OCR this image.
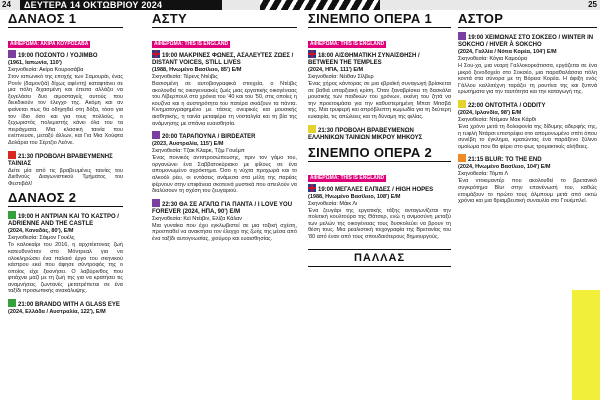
24	ΔΕΥΤΕΡΑ 14 ΟΚΤΩΒΡΙΟΥ 2024	25
ΔΑΝΑΟΣ 1
ΑΦΙΕΡΩΜΑ: ΑΚΙΡΑ ΚΟΥΡΟΣΑΒΑ
19:00 ΠΟΣΟΝΤΟ / YOJIMBO
(1961, Ιαπωνία, 110')
Σκηνοθεσία: Ακίρα Κουροσάβα
Στον ιαπωνικό της εποχής των Σαμουράι, ένας Ρονίν (δαμονζιά) δίχως αφέντη) καταφτάνει σε μια πόλη διχασμένη και έπειτα αλλάζει να ξεγελάσει δυο αιμοσταγείς αυτούς που διεκδικούν τον έλεγχο της. Ακόμη και αν φαίνεται πως θα οδηγηθεί στη δόξα, τόσο για τον ίδιο όσο και για τους πολλούς, ο ξεχωριστός πολεμιστής κάνει όλα του τα πειράγματα. Μια κλασική ταινία που ενέπνευσε, μεταξύ άλλων, και Για Μια Χούφτα Δολάρια του Σέρτζιο Λεόνε.
21:30 ΠΡΟΒΟΛΗ ΒΡΑΒΕΥΜΕΝΗΣ ΤΑΙΝΙΑΣ
Δείτε μία από τις βραβευμένες ταινίες του Διεθνούς Διαγωνιστικού Τμήματος του Φεστιβάλ!
ΔΑΝΑΟΣ 2
19:00 Η ΑΝΤΡΙΑΝ ΚΑΙ ΤΟ ΚΑΣΤΡΟ / ADRIENNE AND THE CASTLE
(2024, Καναδάς, 80'), Ε/Μ
Σκηνοθεσία: Σάιμον Γουέλς
Το καλοκαίρι του 2016, η αρχιτέκτονας ζωή κατευθυνόταν στο Μόντρεαλ για να ολοκληρώσει ένα παλαιό έργο του σκηνικού κάστρου εκεί που άφησε σύντροφός της ο οποίος είχε ξεκινήσει. Ο λαβύρινθος που φτιάχνει μαζί με τη ζωή της για να κρατήσει τις αναμνήσεις ζωντανές μετατρέπεται σε ένα ταξίδι προσωπικής ανακάλυψης.
21:00 BRANDO WITH A GLASS EYE
(2024, Ελλάδα / Αυστραλία, 122'), Ε/Μ
ΑΣΤΥ
ΑΦΙΕΡΩΜΑ: THIS IS ENGLAND
19:00 ΜΑΚΡΙΝΕΣ ΦΩΝΕΣ, ΑΣΑΛΕΥΤΕΣ ΖΩΕΣ / DISTANT VOICES, STILL LIVES
(1988, Ηνωμένο Βασίλειο, 85') Ε/Μ
Σκηνοθεσία: Τέρενς Ντέιβις
Βασισμένη σε αυτοβιογραφικά στοιχεία, ο Ντέιβις ακολουθεί τις οικογενειακές ζωές μιας εργατικής οικογένειας του Λίβερπουλ στα χρόνια του '40 και του '50, στις οποίες η κουζίνα και η αυστηρότητα του πατέρα σκιάζουν τα πάντα. Κινηματογραφημένο με τάσεις ονειρικές και μουσικής αισθητικής, η ταινία μεταφέρει τη νοσταλγία και τη βία της ανάμνησης με σπάνια ευαισθησία.
20:00 ΤΑΡΑΠΟΥΝΑ / BIRDEATER
(2023, Αυστραλία, 115') Ε/Μ
Σκηνοθεσία: Τζακ Κλαρκ, Τζιμ Γουέμπ
Ένας ποινικός αντιπροσώπευσης, πριν τον γάμο του, οργανώνει ένα Σαββατοκύριακο με φίλους σε ένα απομονωμένο αγρόκτημα. Όσο η νύχτα προχωρά και το αλκοόλ ρέει, οι εντάσεις ανάμεσα στα μέλη της παρέας φέρνουν στην επιφάνεια σκοτεινά μυστικά που απειλούν να διαλύσουν τη σχέση του ζευγαριού.
22:30 ΘΑ ΣΕ ΑΓΑΠΩ ΓΙΑ ΠΑΝΤΑ / I LOVE YOU FOREVER (2024, ΗΠΑ, 90') Ε/Μ
Σκηνοθεσία: Κεϊ Ντέιβιν, Ελίζα Κάλαν
Μια γυναίκα που έχει εγκλωβιστεί σε μια τοξική σχέση, προσπαθεί να ανακτήσει τον έλεγχο της ζωής της μέσα από ένα ταξίδι αυτογνωσίας, χιούμορ και ευαισθησίας.
ΣΙΝΕΜΠΟ ΟΠΕΡΑ 1
ΑΦΙΕΡΩΜΑ: THIS IS ENGLAND
18:00 ΑΙΣΘΗΜΑΤΙΚΗ ΣΥΝΑΙΣΘΗΣΗ / BETWEEN THE TEMPLES
(2024, ΗΠΑ, 111') Ε/Μ
Σκηνοθεσία: Νέιθαν Σίλβερ
Ένας χήρος κάντορας σε μια εβραϊκή συναγωγή βρίσκεται σε βαθιά υπαρξιακή κρίση. Όταν ξαναβρίσκει τη δασκάλα μουσικής των παιδικών του χρόνων, εκείνη του ζητά να την προετοιμάσει για την καθυστερημένη Μπατ Μιτσβά της. Μια τρυφερή και απρόβλεπτη κωμωδία για τη δεύτερη ευκαιρία, τις απώλειες και τη δύναμη της φιλίας.
21:30 ΠΡΟΒΟΛΗ ΒΡΑΒΕΥΜΕΝΩΝ ΕΛΛΗΝΙΚΩΝ ΤΑΙΝΙΩΝ ΜΙΚΡΟΥ ΜΗΚΟΥΣ
ΣΙΝΕΜΠΟ ΟΠΕΡΑ 2
ΑΦΙΕΡΩΜΑ: THIS IS ENGLAND
19:00 ΜΕΓΑΛΕΣ ΕΛΠΙΔΕΣ / HIGH HOPES
(1988, Ηνωμένο Βασίλειο, 108') Ε/Μ
Σκηνοθεσία: Μάικ Λι
Ένα ζευγάρι της εργατικής τάξης ανταγωνίζεται την πολιτική κουλτούρα της Θάτσερ, ενώ η ανιμοσύνη μεταξύ των μελών της οικογένειας τους δυσκολεύει να βρουν τη θέση τους. Μια ρεαλιστική τοιχογραφία της Βρετανίας του '80 από έναν από τους σπουδαιότερους δημιουργούς.
ΠΑΛΛΑΣ
ΑΣΤΟΡ
19:00 ΧΕΙΜΩΝΑΣ ΣΤΟ ΣΟΚΣΕΟ / WINTER IN SOKCHO / HIVER À SOKCHO
(2024, Γαλλία / Νότια Κορέα, 104') Ε/Μ
Σκηνοθεσία: Κόγια Καμούρα
Η Σου-χα, μια νεαρή Γαλλοκορεάτισσα, εργάζεται σε ένα μικρό ξενοδοχείο στο Σοκσέο, μια παραθαλάσσια πόλη κοντά στα σύνορα με τη Βόρεια Κορέα. Η άφιξη ενός Γάλλου καλλιτέχνη ταράζει τη ρουτίνα της και ξυπνά ερωτήματα για την ταυτότητα και την καταγωγή της.
22:00 ΟΝΤΟΤΗΤΑ / ODDITY
(2024, Ιρλανδία, 98') Ε/Μ
Σκηνοθεσία: Ντέμιαν Μακ Κάρθι
Ένα χρόνο μετά τη δολοφονία της δίδυμης αδερφής της, η τυφλή Ντάρσι επιστρέφει στο απομονωμένο σπίτι όπου συνέβη το έγκλημα, κρατώντας ένα παράξενο ξύλινο ομοίωμα που θα φέρει στο φως τρομακτικές αλήθειες.
21:15 BLUR: TO THE END
(2024, Ηνωμένο Βασίλειο, 104') Ε/Μ
Σκηνοθεσία: Τόμπι Λ
Ένα ντοκιμαντέρ που ακολουθεί το βρετανικό συγκρότημα Blur στην επανένωσή του, καθώς ετοιμάζουν το πρώτο τους άλμπουμ μετά από οκτώ χρόνια και μια θριαμβευτική συναυλία στο Γουέμπλεϊ.
